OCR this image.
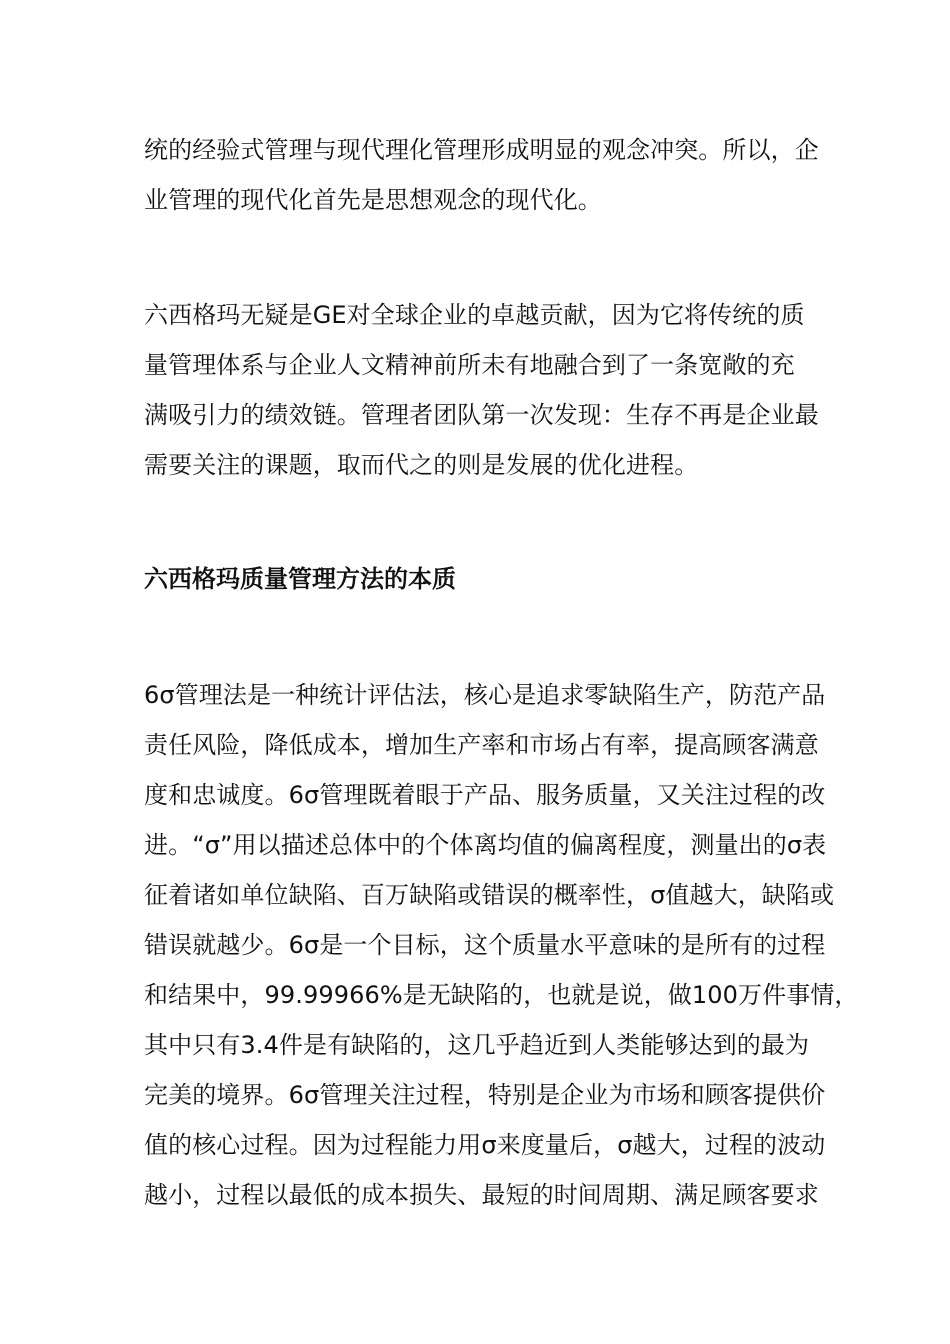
统的经验式管理与现代理化管理形成明显的观念冲突。所以，企
业管理的现代化首先是思想观念的现代化。
六西格玛无疑是GE对全球企业的卓越贡献，因为它将传统的质
量管理体系与企业人文精神前所未有地融合到了一条宽敞的充
满吸引力的绩效链。管理者团队第一次发现：生存不再是企业最
需要关注的课题，取而代之的则是发展的优化进程。
六西格玛质量管理方法的本质
6σ管理法是一种统计评估法，核心是追求零缺陷生产，防范产品
责任风险，降低成本，增加生产率和市场占有率，提高顾客满意
度和忠诚度。6σ管理既着眼于产品、服务质量，又关注过程的改
进。“σ”用以描述总体中的个体离均值的偏离程度，测量出的σ表
征着诸如单位缺陷、百万缺陷或错误的概率性，σ值越大，缺陷或
错误就越少。6σ是一个目标，这个质量水平意味的是所有的过程
和结果中，99.99966%是无缺陷的，也就是说，做100万件事情，
其中只有3.4件是有缺陷的，这几乎趋近到人类能够达到的最为
完美的境界。6σ管理关注过程，特别是企业为市场和顾客提供价
值的核心过程。因为过程能力用σ来度量后，σ越大，过程的波动
越小，过程以最低的成本损失、最短的时间周期、满足顾客要求
